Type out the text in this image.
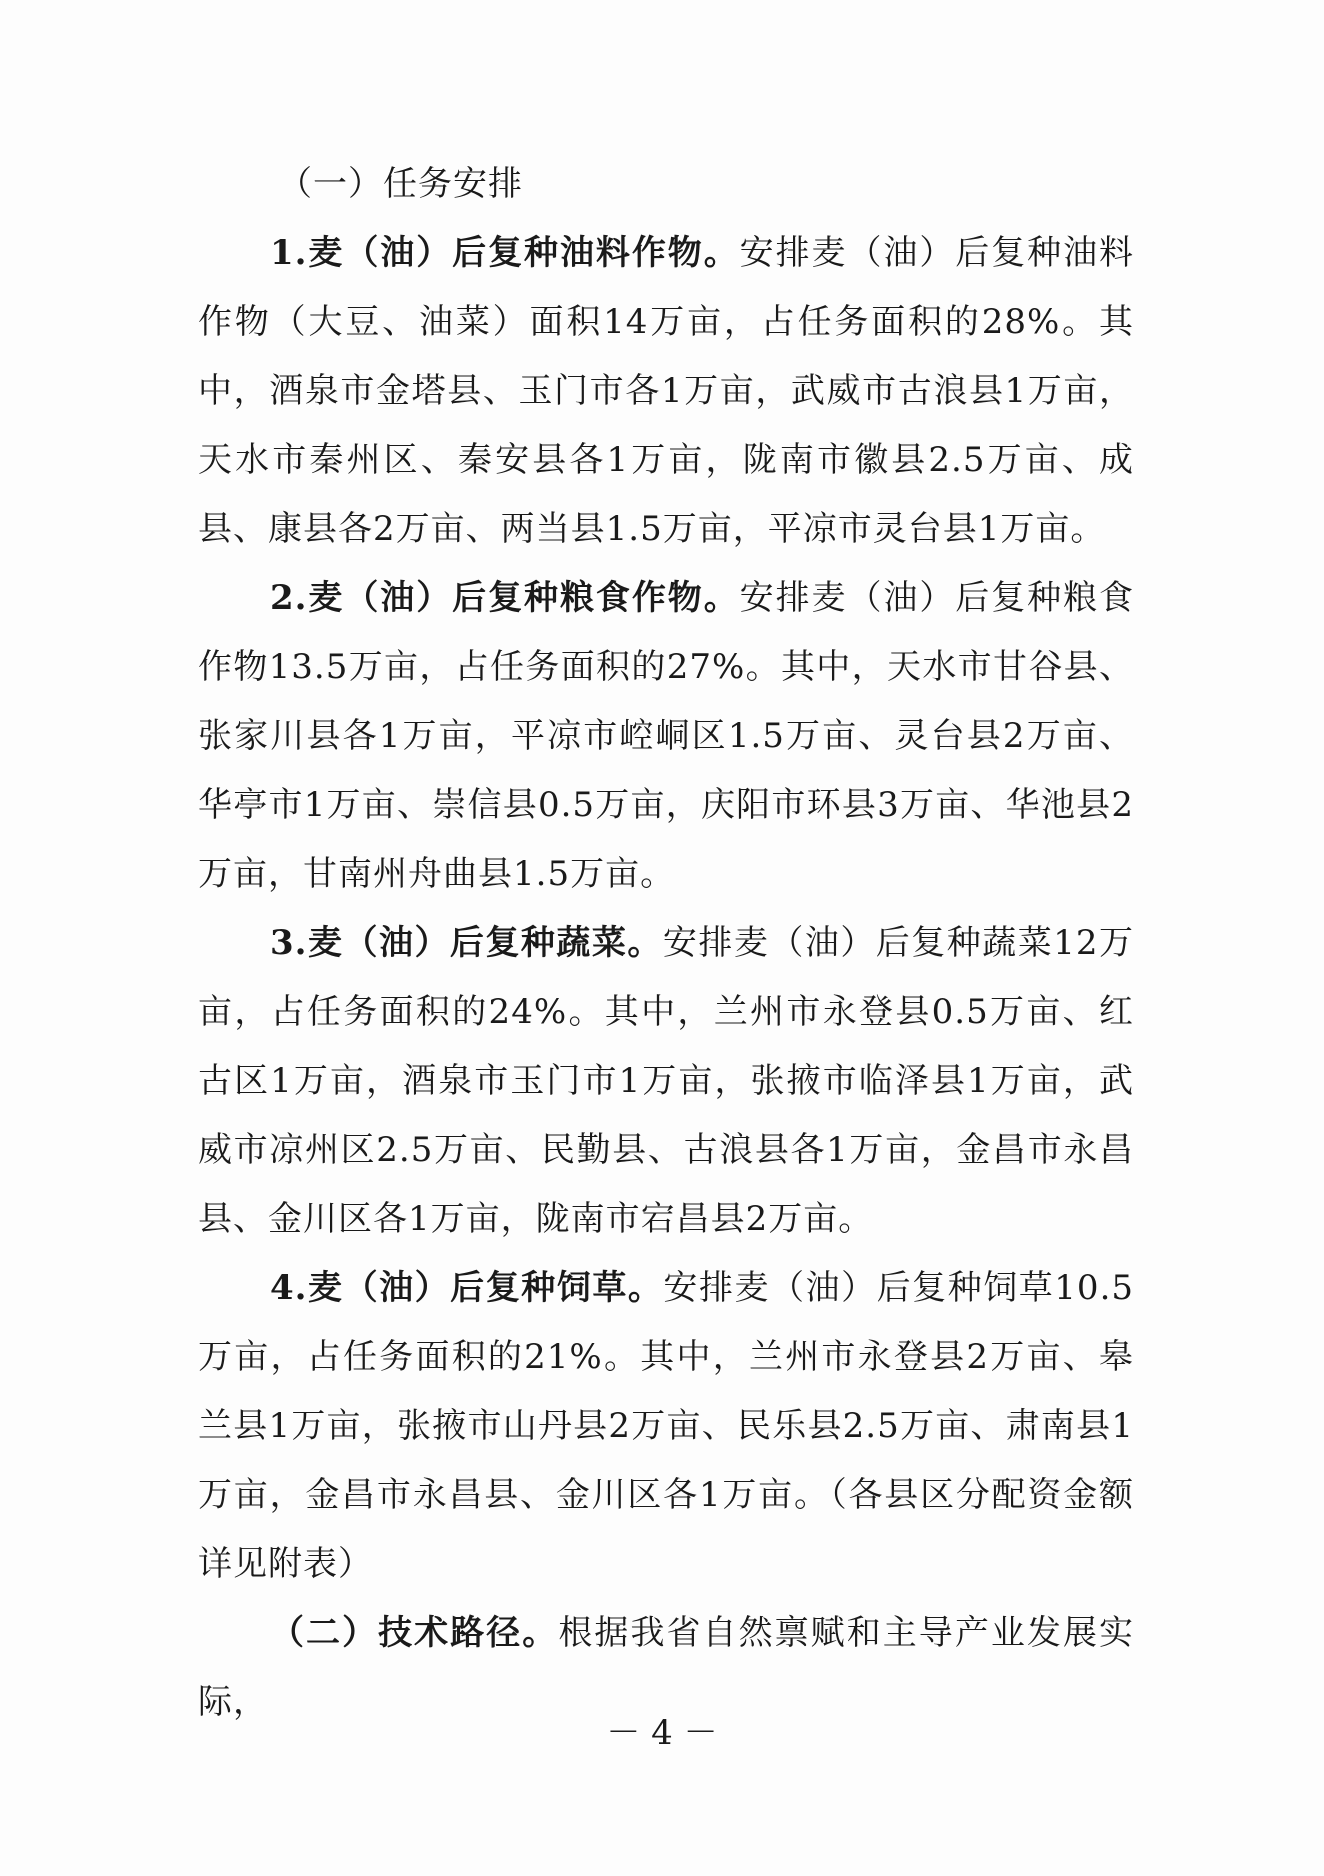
（一）任务安排

1.麦（油）后复种油料作物。安排麦（油）后复种油料作物（大豆、油菜）面积14万亩，占任务面积的28%。其中，酒泉市金塔县、玉门市各1万亩，武威市古浪县1万亩，天水市秦州区、秦安县各1万亩，陇南市徽县2.5万亩、成县、康县各2万亩、两当县1.5万亩，平凉市灵台县1万亩。

2.麦（油）后复种粮食作物。安排麦（油）后复种粮食作物13.5万亩，占任务面积的27%。其中，天水市甘谷县、张家川县各1万亩，平凉市崆峒区1.5万亩、灵台县2万亩、华亭市1万亩、崇信县0.5万亩，庆阳市环县3万亩、华池县2万亩，甘南州舟曲县1.5万亩。

3.麦（油）后复种蔬菜。安排麦（油）后复种蔬菜12万亩，占任务面积的24%。其中，兰州市永登县0.5万亩、红古区1万亩，酒泉市玉门市1万亩，张掖市临泽县1万亩，武威市凉州区2.5万亩、民勤县、古浪县各1万亩，金昌市永昌县、金川区各1万亩，陇南市宕昌县2万亩。

4.麦（油）后复种饲草。安排麦（油）后复种饲草10.5万亩，占任务面积的21%。其中，兰州市永登县2万亩、皋兰县1万亩，张掖市山丹县2万亩、民乐县2.5万亩、肃南县1万亩，金昌市永昌县、金川区各1万亩。（各县区分配资金额详见附表）

（二）技术路径。根据我省自然禀赋和主导产业发展实际，

－ 4 －
